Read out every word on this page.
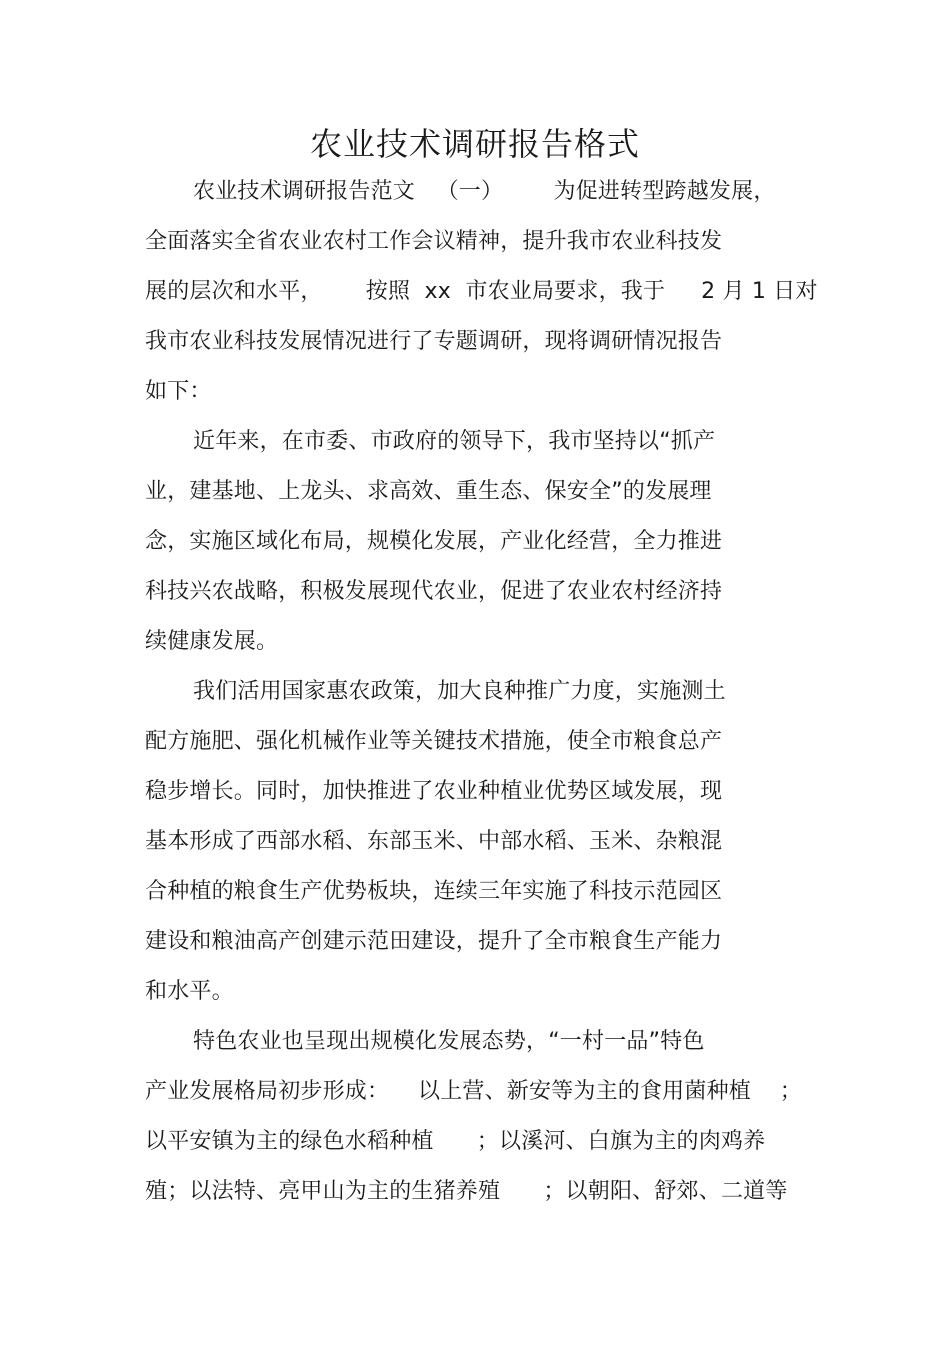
农业技术调研报告格式
农业技术调研报告范文   （一）       为促进转型跨越发展，
全面落实全省农业农村工作会议精神，提升我市农业科技发
展的层次和水平，      按照  xx  市农业局要求，我于     2 月 1 日对
我市农业科技发展情况进行了专题调研，现将调研情况报告
如下：
近年来，在市委、市政府的领导下，我市坚持以“抓产
业，建基地、上龙头、求高效、重生态、保安全”的发展理
念，实施区域化布局，规模化发展，产业化经营，全力推进
科技兴农战略，积极发展现代农业，促进了农业农村经济持
续健康发展。
我们活用国家惠农政策，加大良种推广力度，实施测土
配方施肥、强化机械作业等关键技术措施，使全市粮食总产
稳步增长。同时，加快推进了农业种植业优势区域发展，现
基本形成了西部水稻、东部玉米、中部水稻、玉米、杂粮混
合种植的粮食生产优势板块，连续三年实施了科技示范园区
建设和粮油高产创建示范田建设，提升了全市粮食生产能力
和水平。
特色农业也呈现出规模化发展态势，“一村一品”特色
产业发展格局初步形成：    以上营、新安等为主的食用菌种植    ；
以平安镇为主的绿色水稻种植      ；以溪河、白旗为主的肉鸡养
殖；以法特、亮甲山为主的生猪养殖      ；以朝阳、舒郊、二道等
